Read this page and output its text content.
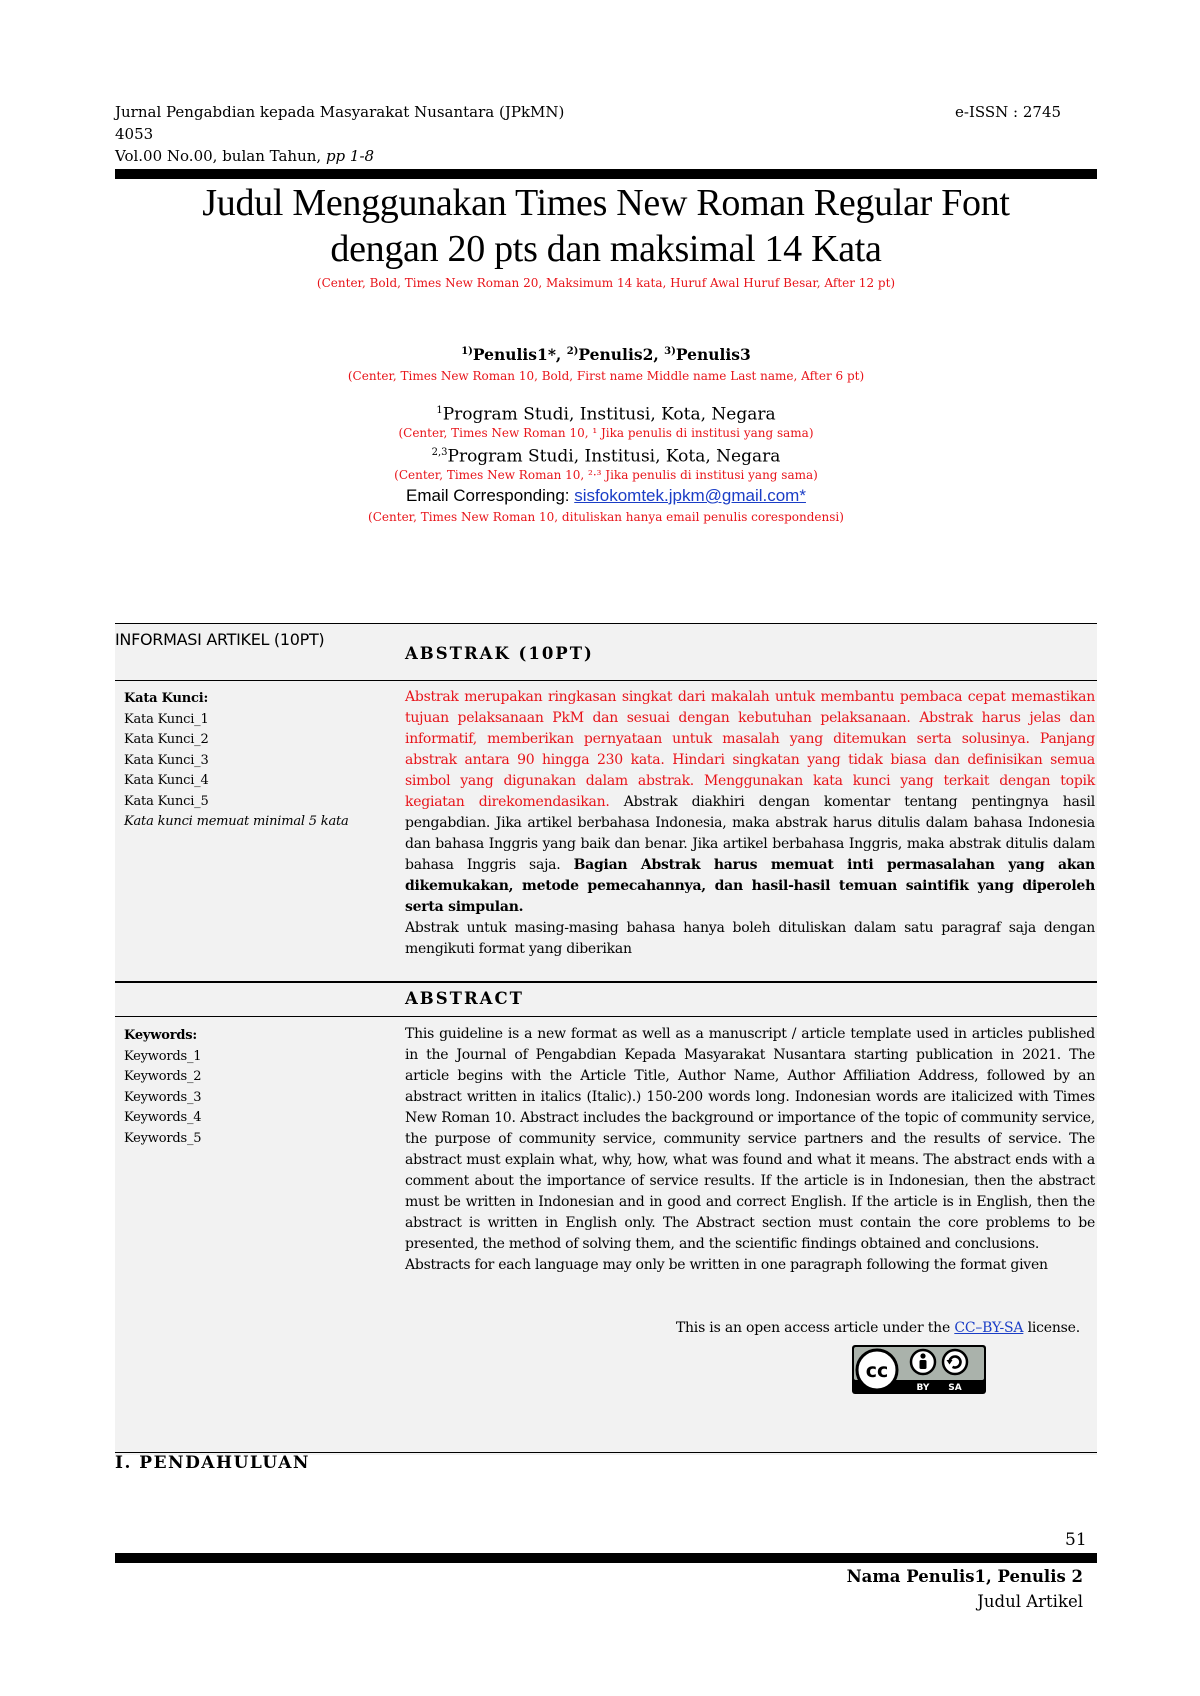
Jurnal Pengabdian kepada Masyarakat Nusantara (JPkMN)
4053
Vol.00 No.00, bulan Tahun, pp 1-8
e-ISSN : 2745
Judul Menggunakan Times New Roman Regular Font
dengan 20 pts dan maksimal 14 Kata
(Center, Bold, Times New Roman 20, Maksimum 14 kata, Huruf Awal Huruf Besar, After 12 pt)
$^{1)}$Penulis1*, $^{2)}$Penulis2, $^{3)}$Penulis3
(Center, Times New Roman 10, Bold, First name Middle name Last name, After 6 pt)
$^1$Program Studi, Institusi, Kota, Negara
(Center, Times New Roman 10, ¹ Jika penulis di institusi yang sama)
$^{2,3}$Program Studi, Institusi, Kota, Negara
(Center, Times New Roman 10, ²·³ Jika penulis di institusi yang sama)
Email Corresponding: sisfokomtek.jpkm@gmail.com*
(Center, Times New Roman 10, dituliskan hanya email penulis corespondensi)
INFORMASI ARTIKEL (10PT)
ABSTRAK (10PT)
Kata Kunci:
Kata Kunci_1
Kata Kunci_2
Kata Kunci_3
Kata Kunci_4
Kata Kunci_5
Kata kunci memuat minimal 5 kata

Abstrak merupakan ringkasan singkat dari makalah untuk membantu pembaca cepat memastikan tujuan pelaksanaan PkM dan sesuai dengan kebutuhan pelaksanaan. Abstrak harus jelas dan informatif, memberikan pernyataan untuk masalah yang ditemukan serta solusinya. Panjang abstrak antara 90 hingga 230 kata. Hindari singkatan yang tidak biasa dan definisikan semua simbol yang digunakan dalam abstrak. Menggunakan kata kunci yang terkait dengan topik kegiatan direkomendasikan. Abstrak diakhiri dengan komentar tentang pentingnya hasil pengabdian. Jika artikel berbahasa Indonesia, maka abstrak harus ditulis dalam bahasa Indonesia dan bahasa Inggris yang baik dan benar. Jika artikel berbahasa Inggris, maka abstrak ditulis dalam bahasa Inggris saja. Bagian Abstrak harus memuat inti permasalahan yang akan dikemukakan, metode pemecahannya, dan hasil-hasil temuan saintifik yang diperoleh serta simpulan.

Abstrak untuk masing-masing bahasa hanya boleh dituliskan dalam satu paragraf saja dengan mengikuti format yang diberikan

ABSTRACT
Keywords:
Keywords_1
Keywords_2
Keywords_3
Keywords_4
Keywords_5

This guideline is a new format as well as a manuscript / article template used in articles published in the Journal of Pengabdian Kepada Masyarakat Nusantara starting publication in 2021. The article begins with the Article Title, Author Name, Author Affiliation Address, followed by an abstract written in italics (Italic).) 150-200 words long. Indonesian words are italicized with Times New Roman 10. Abstract includes the background or importance of the topic of community service, the purpose of community service, community service partners and the results of service. The abstract must explain what, why, how, what was found and what it means. The abstract ends with a comment about the importance of service results. If the article is in Indonesian, then the abstract must be written in Indonesian and in good and correct English. If the article is in English, then the abstract is written in English only. The Abstract section must contain the core problems to be presented, the method of solving them, and the scientific findings obtained and conclusions.

Abstracts for each language may only be written in one paragraph following the format given

This is an open access article under the CC–BY-SA license.
cc
BY SA
I. PENDAHULUAN
51
Nama Penulis1, Penulis 2
Judul Artikel
